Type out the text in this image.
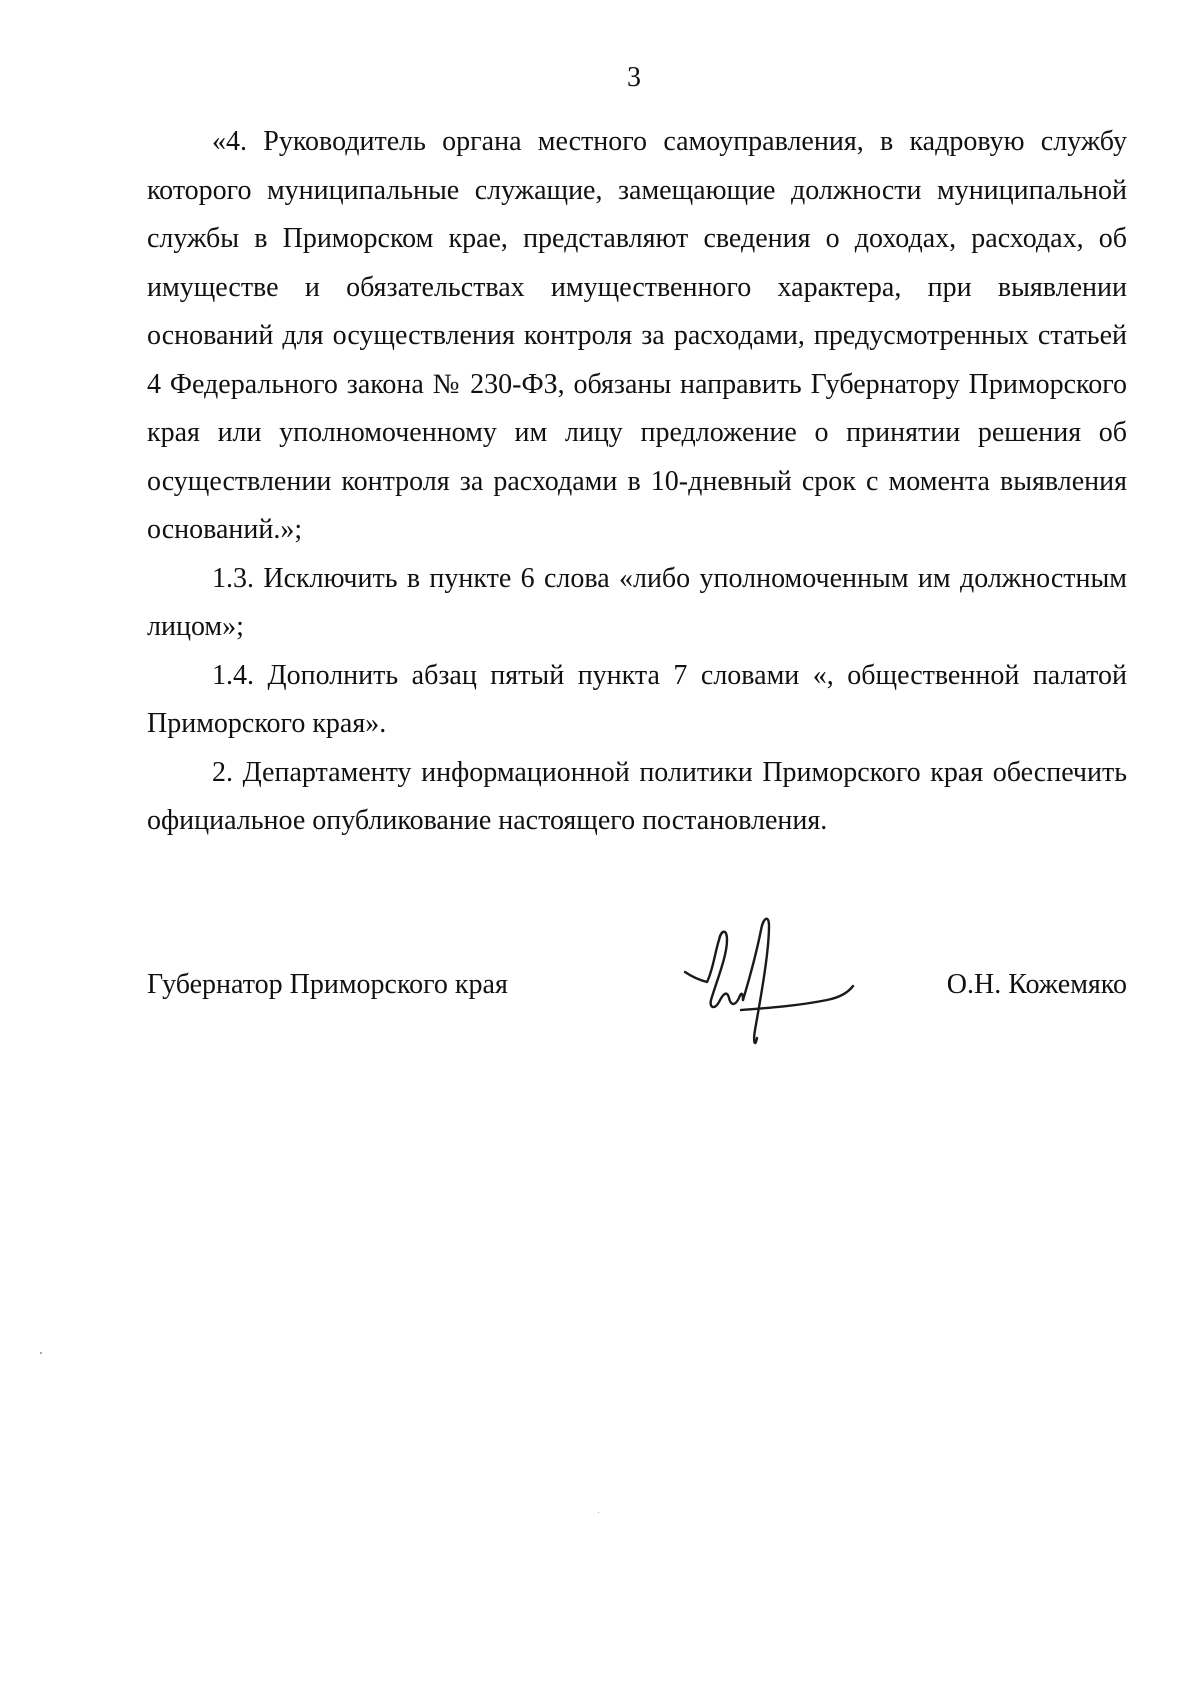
3

«4. Руководитель органа местного самоуправления, в кадровую службу которого муниципальные служащие, замещающие должности муниципальной службы в Приморском крае, представляют сведения о доходах, расходах, об имуществе и обязательствах имущественного характера, при выявлении оснований для осуществления контроля за расходами, предусмотренных статьей 4 Федерального закона № 230-ФЗ, обязаны направить Губернатору Приморского края или уполномоченному им лицу предложение о принятии решения об осуществлении контроля за расходами в 10-дневный срок с момента выявления оснований.»;

1.3. Исключить в пункте 6 слова «либо уполномоченным им должностным лицом»;

1.4. Дополнить абзац пятый пункта 7 словами «, общественной палатой Приморского края».

2. Департаменту информационной политики Приморского края обеспечить официальное опубликование настоящего постановления.

Губернатор Приморского края	О.Н. Кожемяко
